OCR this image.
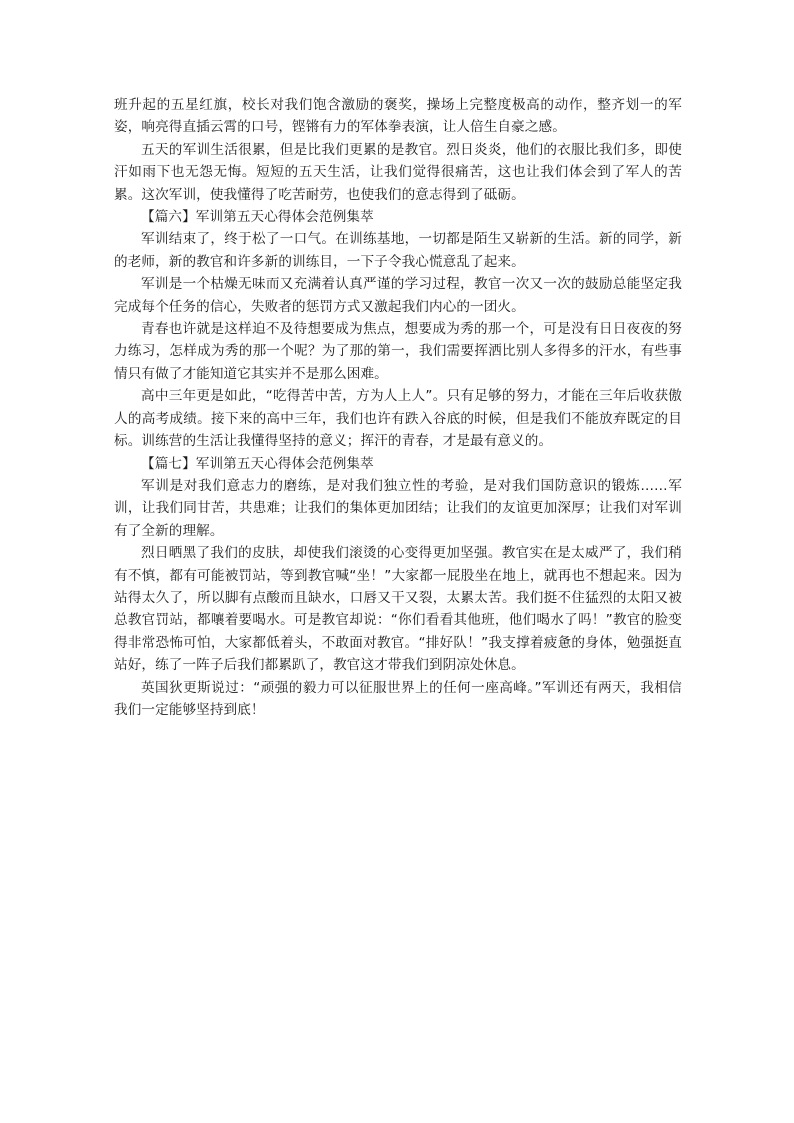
班升起的五星红旗，校长对我们饱含激励的褒奖，操场上完整度极高的动作，整齐划一的军姿，响亮得直插云霄的口号，铿锵有力的军体拳表演，让人倍生自豪之感。

五天的军训生活很累，但是比我们更累的是教官。烈日炎炎，他们的衣服比我们多，即使汗如雨下也无怨无悔。短短的五天生活，让我们觉得很痛苦，这也让我们体会到了军人的苦累。这次军训，使我懂得了吃苦耐劳，也使我们的意志得到了砥砺。

【篇六】军训第五天心得体会范例集萃

军训结束了，终于松了一口气。在训练基地，一切都是陌生又崭新的生活。新的同学，新的老师，新的教官和许多新的训练目，一下子令我心慌意乱了起来。

军训是一个枯燥无味而又充满着认真严谨的学习过程，教官一次又一次的鼓励总能坚定我完成每个任务的信心，失败者的惩罚方式又激起我们内心的一团火。

青春也许就是这样迫不及待想要成为焦点，想要成为秀的那一个，可是没有日日夜夜的努力练习，怎样成为秀的那一个呢？为了那的第一，我们需要挥洒比别人多得多的汗水，有些事情只有做了才能知道它其实并不是那么困难。

高中三年更是如此，“吃得苦中苦，方为人上人”。只有足够的努力，才能在三年后收获傲人的高考成绩。接下来的高中三年，我们也许有跌入谷底的时候，但是我们不能放弃既定的目标。训练营的生活让我懂得坚持的意义；挥汗的青春，才是最有意义的。

【篇七】军训第五天心得体会范例集萃

军训是对我们意志力的磨练，是对我们独立性的考验，是对我们国防意识的锻炼……军训，让我们同甘苦，共患难；让我们的集体更加团结；让我们的友谊更加深厚；让我们对军训有了全新的理解。

烈日晒黑了我们的皮肤，却使我们滚烫的心变得更加坚强。教官实在是太威严了，我们稍有不慎，都有可能被罚站，等到教官喊“坐！”大家都一屁股坐在地上，就再也不想起来。因为站得太久了，所以脚有点酸而且缺水，口唇又干又裂，太累太苦。我们挺不住猛烈的太阳又被总教官罚站，都嚷着要喝水。可是教官却说：“你们看看其他班，他们喝水了吗！”教官的脸变得非常恐怖可怕，大家都低着头，不敢面对教官。“排好队！”我支撑着疲惫的身体，勉强挺直站好，练了一阵子后我们都累趴了，教官这才带我们到阴凉处休息。

英国狄更斯说过：“顽强的毅力可以征服世界上的任何一座高峰。”军训还有两天，我相信我们一定能够坚持到底！
